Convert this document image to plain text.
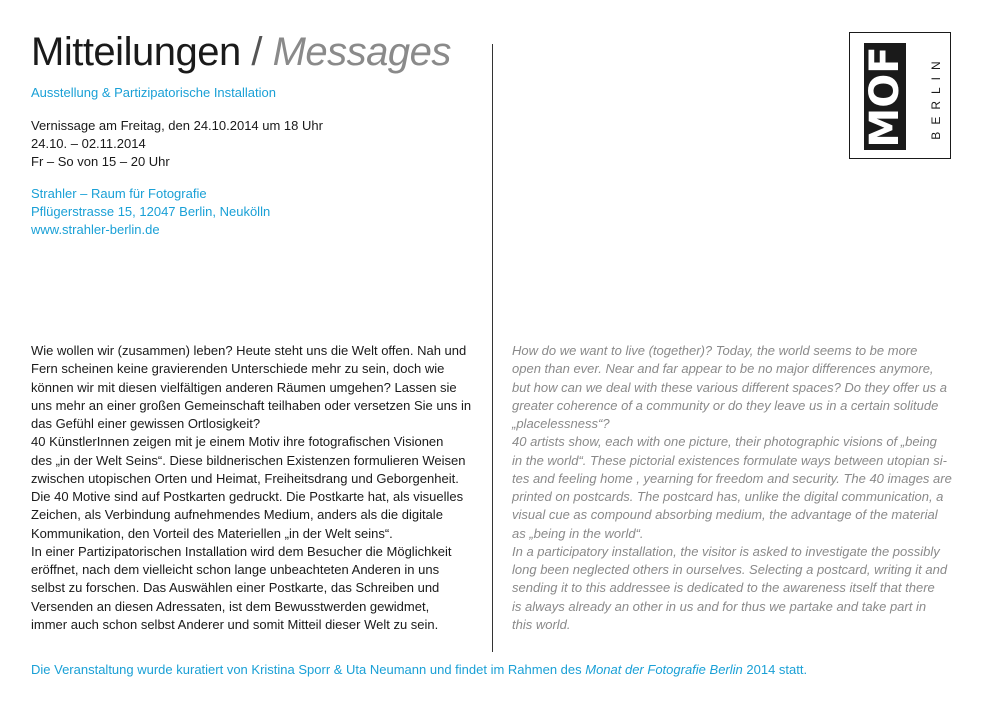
Mitteilungen / Messages
Ausstellung & Partizipatorische Installation
Vernissage am Freitag, den 24.10.2014 um 18 Uhr
24.10. – 02.11.2014
Fr – So von 15 – 20 Uhr
Strahler – Raum für Fotografie
Pflügerstrasse 15, 12047 Berlin, Neukölln
www.strahler-berlin.de
MOF BERLIN
Wie wollen wir (zusammen) leben? Heute steht uns die Welt offen. Nah und
Fern scheinen keine gravierenden Unterschiede mehr zu sein, doch wie
können wir mit diesen vielfältigen anderen Räumen umgehen? Lassen sie
uns mehr an einer großen Gemeinschaft teilhaben oder versetzen Sie uns in
das Gefühl einer gewissen Ortlosigkeit?
40 KünstlerInnen zeigen mit je einem Motiv ihre fotografischen Visionen
des „in der Welt Seins“. Diese bildnerischen Existenzen formulieren Weisen
zwischen utopischen Orten und Heimat, Freiheitsdrang und Geborgenheit.
Die 40 Motive sind auf Postkarten gedruckt. Die Postkarte hat, als visuelles
Zeichen, als Verbindung aufnehmendes Medium, anders als die digitale
Kommunikation, den Vorteil des Materiellen „in der Welt seins“.
In einer Partizipatorischen Installation wird dem Besucher die Möglichkeit
eröffnet, nach dem vielleicht schon lange unbeachteten Anderen in uns
selbst zu forschen. Das Auswählen einer Postkarte, das Schreiben und
Versenden an diesen Adressaten, ist dem Bewusstwerden gewidmet,
immer auch schon selbst Anderer und somit Mitteil dieser Welt zu sein.
How do we want to live (together)? Today, the world seems to be more
open than ever. Near and far appear to be no major differences anymore,
but how can we deal with these various different spaces? Do they offer us a
greater coherence of a community or do they leave us in a certain solitude
„placelessness“?
40 artists show, each with one picture, their photographic visions of „being
in the world“. These pictorial existences formulate ways between utopian si-
tes and feeling home , yearning for freedom and security. The 40 images are
printed on postcards. The postcard has, unlike the digital communication, a
visual cue as compound absorbing medium, the advantage of the material
as „being in the world“.
In a participatory installation, the visitor is asked to investigate the possibly
long been neglected others in ourselves. Selecting a postcard, writing it and
sending it to this addressee is dedicated to the awareness itself that there
is always already an other in us and for thus we partake and take part in
this world.
Die Veranstaltung wurde kuratiert von Kristina Sporr & Uta Neumann und findet im Rahmen des Monat der Fotografie Berlin 2014 statt.
